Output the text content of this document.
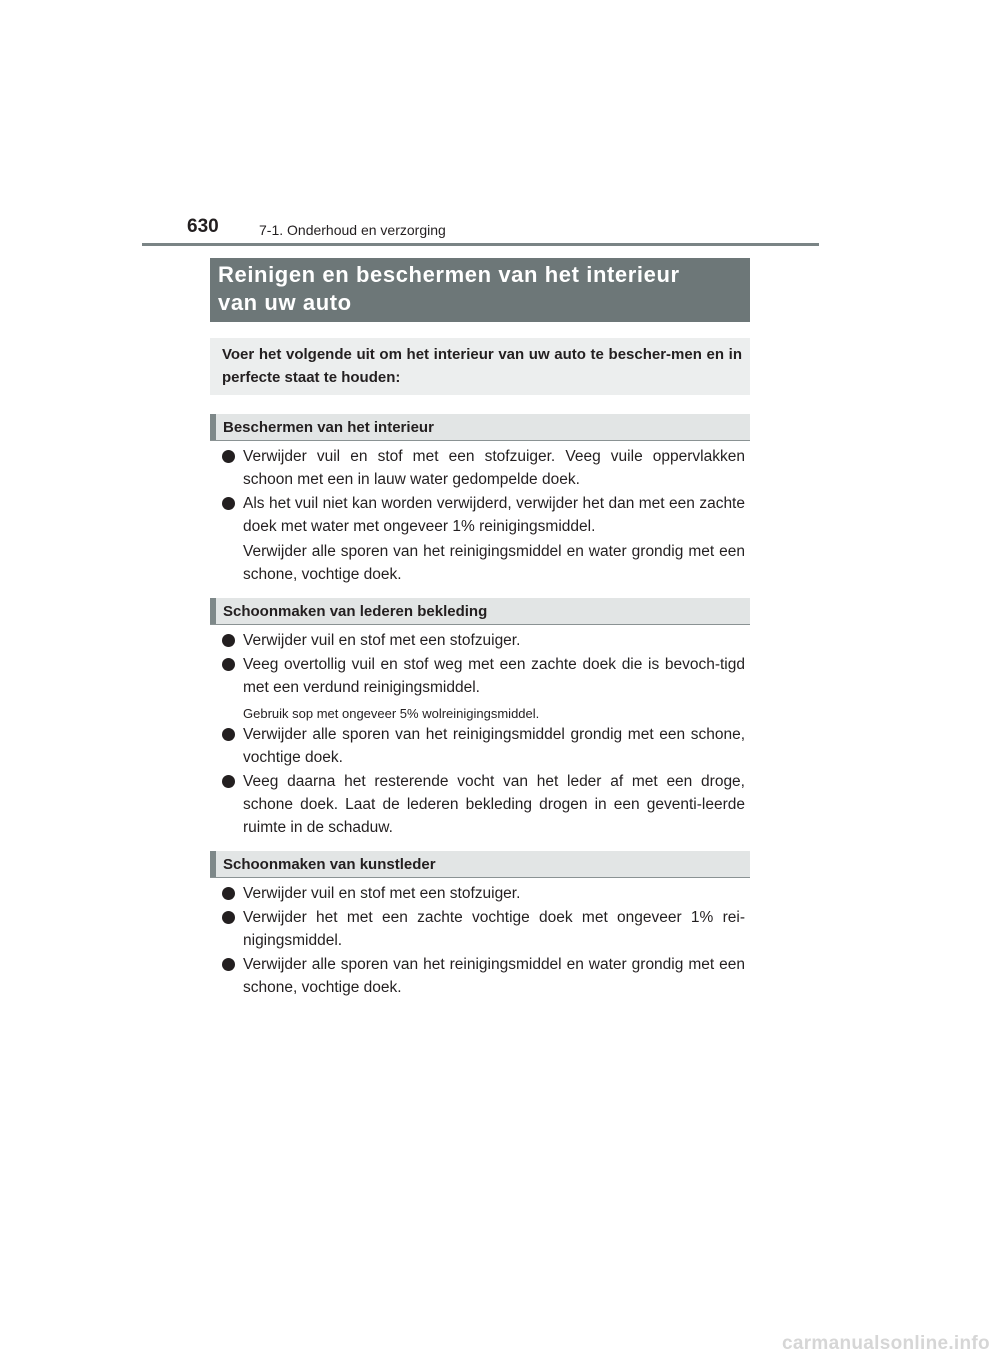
630	7-1. Onderhoud en verzorging
Reinigen en beschermen van het interieur
van uw auto
Voer het volgende uit om het interieur van uw auto te bescher-men en in perfecte staat te houden:
Beschermen van het interieur
Verwijder vuil en stof met een stofzuiger. Veeg vuile oppervlakken schoon met een in lauw water gedompelde doek.
Als het vuil niet kan worden verwijderd, verwijder het dan met een zachte doek met water met ongeveer 1% reinigingsmiddel.
Verwijder alle sporen van het reinigingsmiddel en water grondig met een schone, vochtige doek.
Schoonmaken van lederen bekleding
Verwijder vuil en stof met een stofzuiger.
Veeg overtollig vuil en stof weg met een zachte doek die is bevoch-tigd met een verdund reinigingsmiddel.
Gebruik sop met ongeveer 5% wolreinigingsmiddel.
Verwijder alle sporen van het reinigingsmiddel grondig met een schone, vochtige doek.
Veeg daarna het resterende vocht van het leder af met een droge, schone doek. Laat de lederen bekleding drogen in een geventi-leerde ruimte in de schaduw.
Schoonmaken van kunstleder
Verwijder vuil en stof met een stofzuiger.
Verwijder het met een zachte vochtige doek met ongeveer 1% rei-nigingsmiddel.
Verwijder alle sporen van het reinigingsmiddel en water grondig met een schone, vochtige doek.
carmanualsonline.info
